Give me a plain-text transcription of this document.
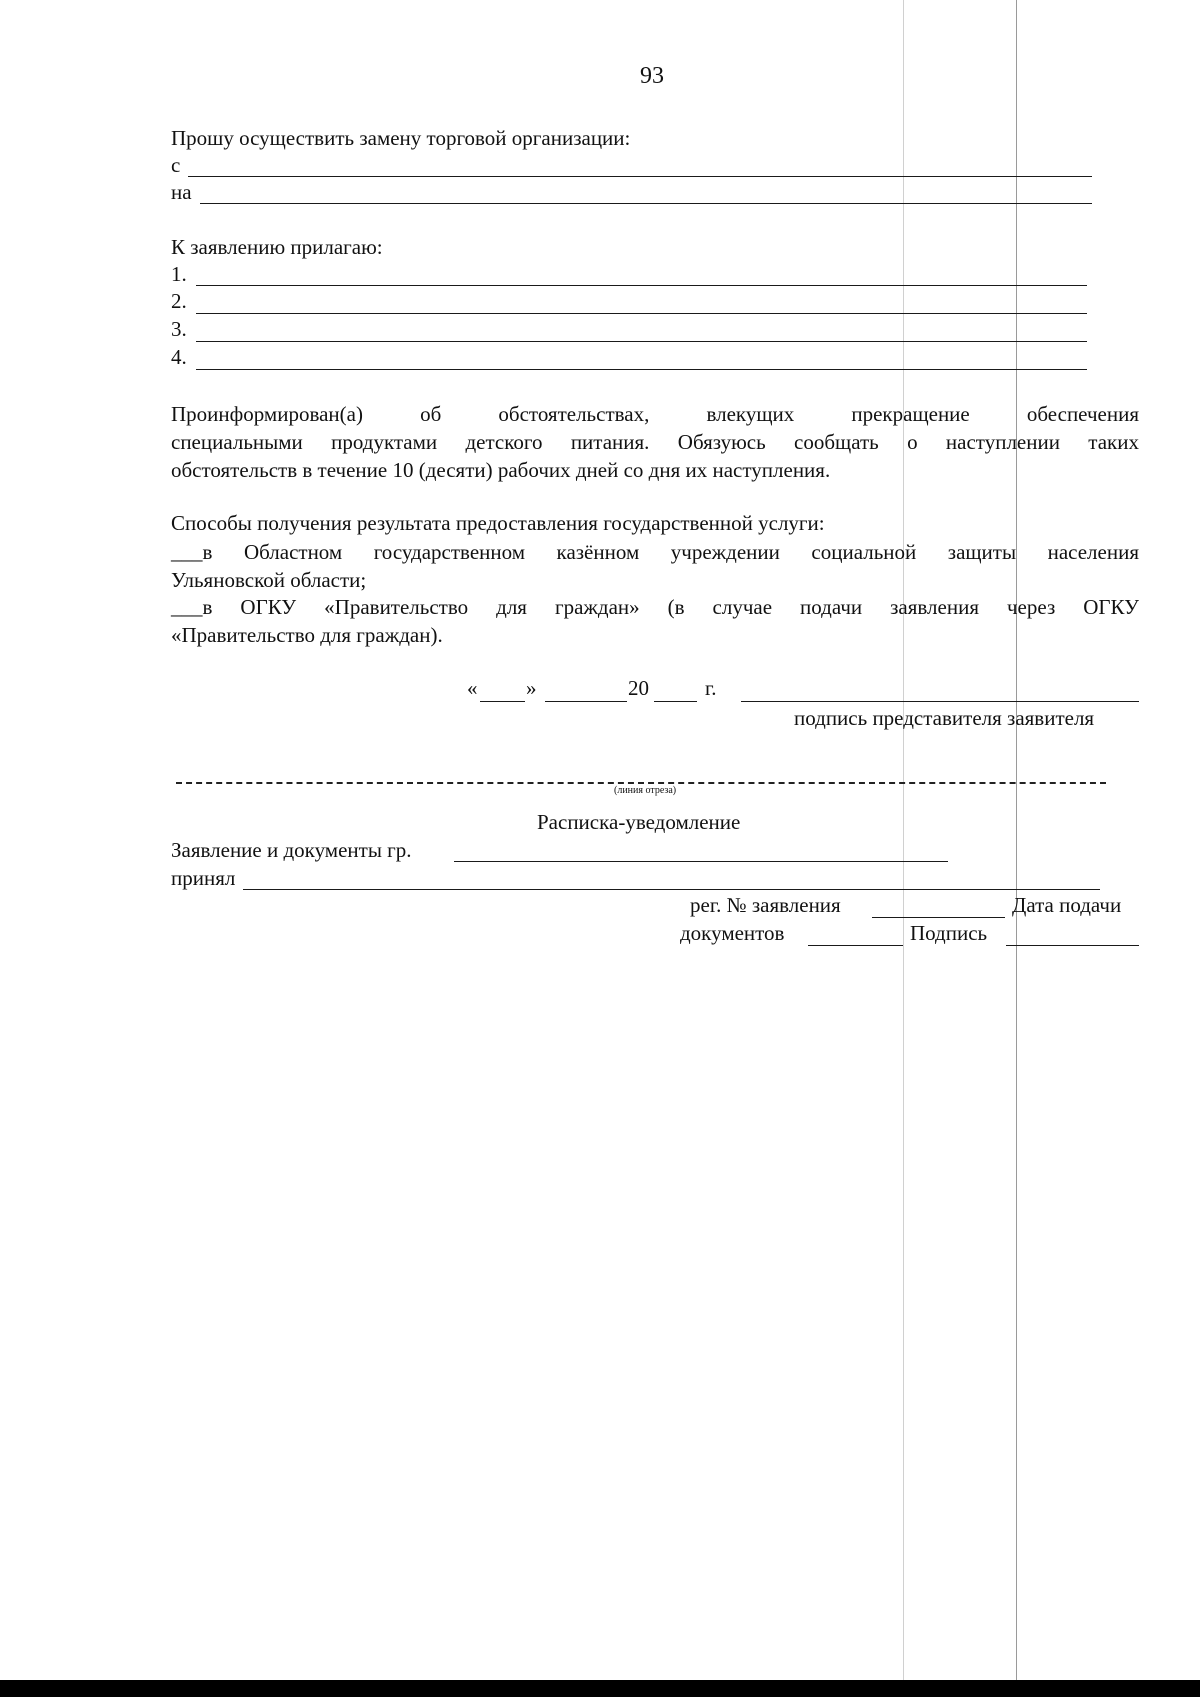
93
Прошу осуществить замену торговой организации:
с
на
К заявлению прилагаю:
1.
2.
3.
4.

Проинформирован(а) об обстоятельствах, влекущих прекращение обеспечения

специальными продуктами детского питания. Обязуюсь сообщать о наступлении таких

обстоятельств в течение 10 (десяти) рабочих дней со дня их наступления.

Способы получения результата предоставления государственной услуги:

___в Областном государственном казённом учреждении социальной защиты населения

Ульяновской области;

___в ОГКУ «Правительство для граждан» (в случае подачи заявления через ОГКУ

«Правительство для граждан).

« »	20	г.
подпись представителя заявителя
(линия отреза)
Расписка-уведомление
Заявление и документы гр.
принял
рег. № заявления	Дата подачи
документов	Подпись
